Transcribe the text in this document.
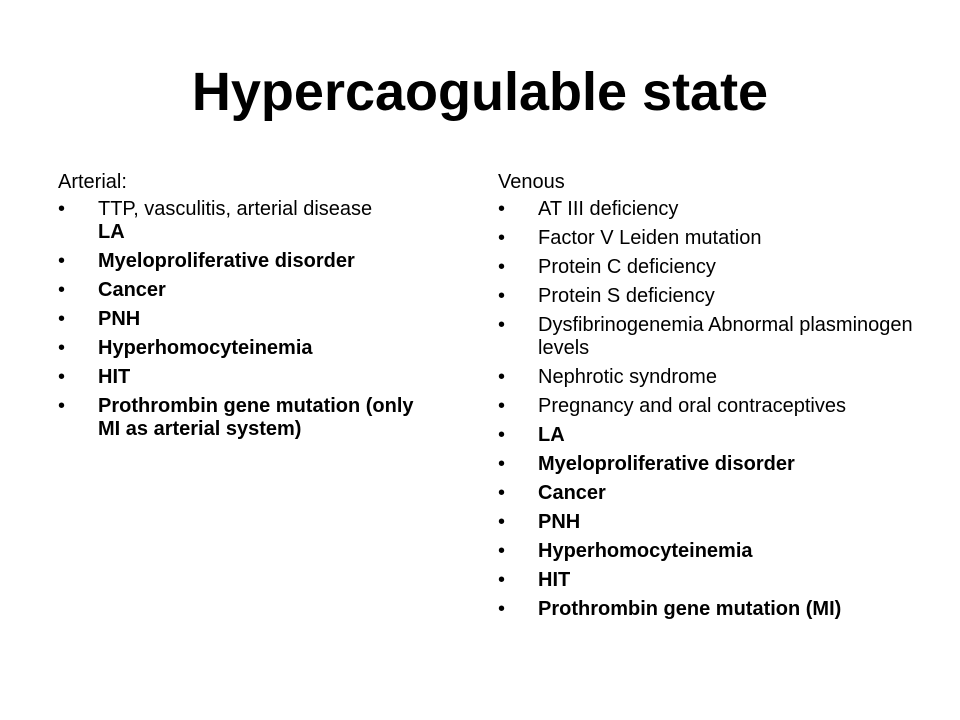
Hypercaogulable state
Arterial:
•	TTP, vasculitis, arterial disease
LA
•	Myeloproliferative disorder
•	Cancer
•	PNH
•	Hyperhomocyteinemia
•	HIT
•	Prothrombin gene mutation (only MI as arterial system)
Venous
•	AT III deficiency
•	Factor V Leiden mutation
•	Protein C deficiency
•	Protein S deficiency
•	Dysfibrinogenemia Abnormal plasminogen levels
•	Nephrotic syndrome
•	Pregnancy and oral contraceptives
•	LA
•	Myeloproliferative disorder
•	Cancer
•	PNH
•	Hyperhomocyteinemia
•	HIT
•	Prothrombin gene mutation (MI)
